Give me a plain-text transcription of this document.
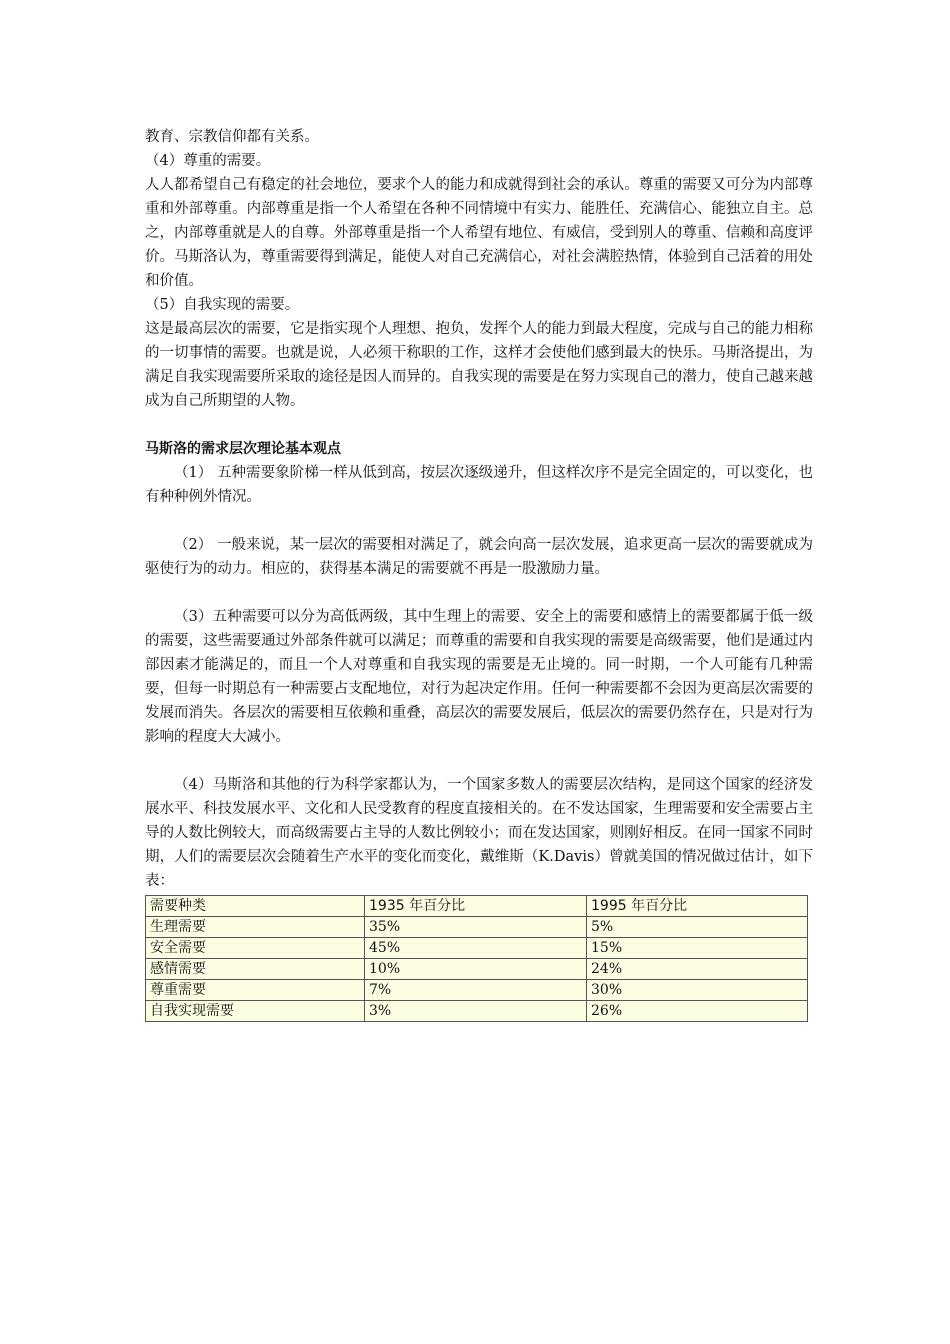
教育、宗教信仰都有关系。

（4）尊重的需要。

人人都希望自己有稳定的社会地位，要求个人的能力和成就得到社会的承认。尊重的需要又可分为内部尊重和外部尊重。内部尊重是指一个人希望在各种不同情境中有实力、能胜任、充满信心、能独立自主。总之，内部尊重就是人的自尊。外部尊重是指一个人希望有地位、有威信，受到别人的尊重、信赖和高度评价。马斯洛认为，尊重需要得到满足，能使人对自己充满信心，对社会满腔热情，体验到自己活着的用处和价值。

（5）自我实现的需要。

这是最高层次的需要，它是指实现个人理想、抱负，发挥个人的能力到最大程度，完成与自己的能力相称的一切事情的需要。也就是说，人必须干称职的工作，这样才会使他们感到最大的快乐。马斯洛提出，为满足自我实现需要所采取的途径是因人而异的。自我实现的需要是在努力实现自己的潜力，使自己越来越成为自己所期望的人物。

马斯洛的需求层次理论基本观点

（1） 五种需要象阶梯一样从低到高，按层次逐级递升，但这样次序不是完全固定的，可以变化，也有种种例外情况。

（2） 一般来说，某一层次的需要相对满足了，就会向高一层次发展，追求更高一层次的需要就成为驱使行为的动力。相应的，获得基本满足的需要就不再是一股激励力量。

（3）五种需要可以分为高低两级，其中生理上的需要、安全上的需要和感情上的需要都属于低一级的需要，这些需要通过外部条件就可以满足；而尊重的需要和自我实现的需要是高级需要，他们是通过内部因素才能满足的，而且一个人对尊重和自我实现的需要是无止境的。同一时期，一个人可能有几种需要，但每一时期总有一种需要占支配地位，对行为起决定作用。任何一种需要都不会因为更高层次需要的发展而消失。各层次的需要相互依赖和重叠，高层次的需要发展后，低层次的需要仍然存在，只是对行为影响的程度大大减小。

（4）马斯洛和其他的行为科学家都认为，一个国家多数人的需要层次结构，是同这个国家的经济发展水平、科技发展水平、文化和人民受教育的程度直接相关的。在不发达国家，生理需要和安全需要占主导的人数比例较大，而高级需要占主导的人数比例较小；而在发达国家，则刚好相反。在同一国家不同时期，人们的需要层次会随着生产水平的变化而变化，戴维斯（K.Davis）曾就美国的情况做过估计，如下表：

需要种类	1935 年百分比	1995 年百分比
生理需要	35%	5%
安全需要	45%	15%
感情需要	10%	24%
尊重需要	7%	30%
自我实现需要	3%	26%
